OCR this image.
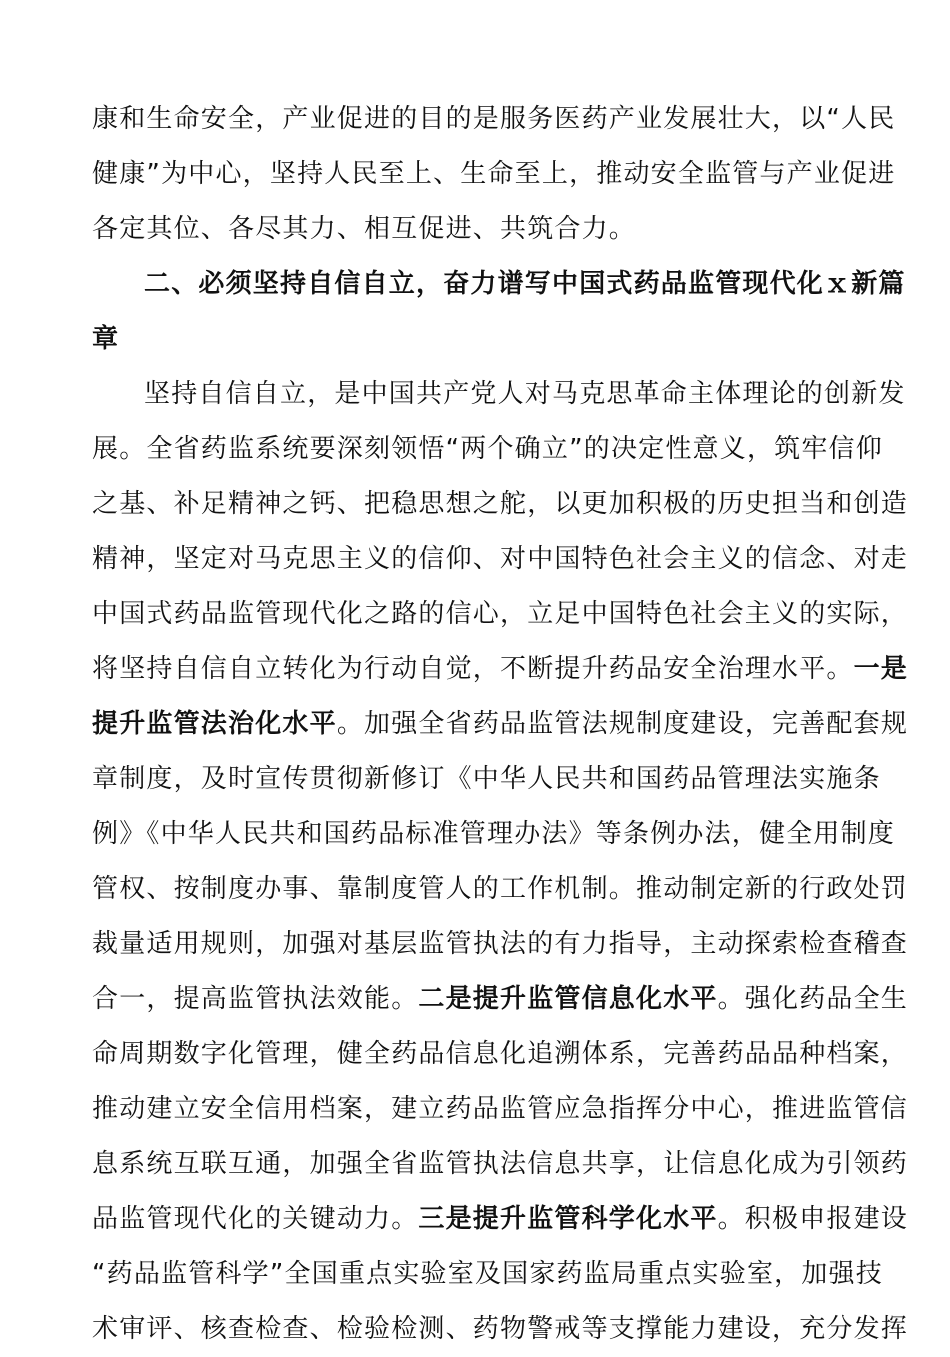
康和生命安全，产业促进的目的是服务医药产业发展壮大，以“人民
健康”为中心，坚持人民至上、生命至上，推动安全监管与产业促进
各定其位、各尽其力、相互促进、共筑合力。
二、必须坚持自信自立，奋力谱写中国式药品监管现代化ｘ新篇
章
坚持自信自立，是中国共产党人对马克思革命主体理论的创新发
展。全省药监系统要深刻领悟“两个确立”的决定性意义，筑牢信仰
之基、补足精神之钙、把稳思想之舵，以更加积极的历史担当和创造
精神，坚定对马克思主义的信仰、对中国特色社会主义的信念、对走
中国式药品监管现代化之路的信心，立足中国特色社会主义的实际，
将坚持自信自立转化为行动自觉，不断提升药品安全治理水平。一是
提升监管法治化水平。加强全省药品监管法规制度建设，完善配套规
章制度，及时宣传贯彻新修订《中华人民共和国药品管理法实施条
例》《中华人民共和国药品标准管理办法》等条例办法，健全用制度
管权、按制度办事、靠制度管人的工作机制。推动制定新的行政处罚
裁量适用规则，加强对基层监管执法的有力指导，主动探索检查稽查
合一，提高监管执法效能。二是提升监管信息化水平。强化药品全生
命周期数字化管理，健全药品信息化追溯体系，完善药品品种档案，
推动建立安全信用档案，建立药品监管应急指挥分中心，推进监管信
息系统互联互通，加强全省监管执法信息共享，让信息化成为引领药
品监管现代化的关键动力。三是提升监管科学化水平。积极申报建设
“药品监管科学”全国重点实验室及国家药监局重点实验室，加强技
术审评、核查检查、检验检测、药物警戒等支撑能力建设，充分发挥
